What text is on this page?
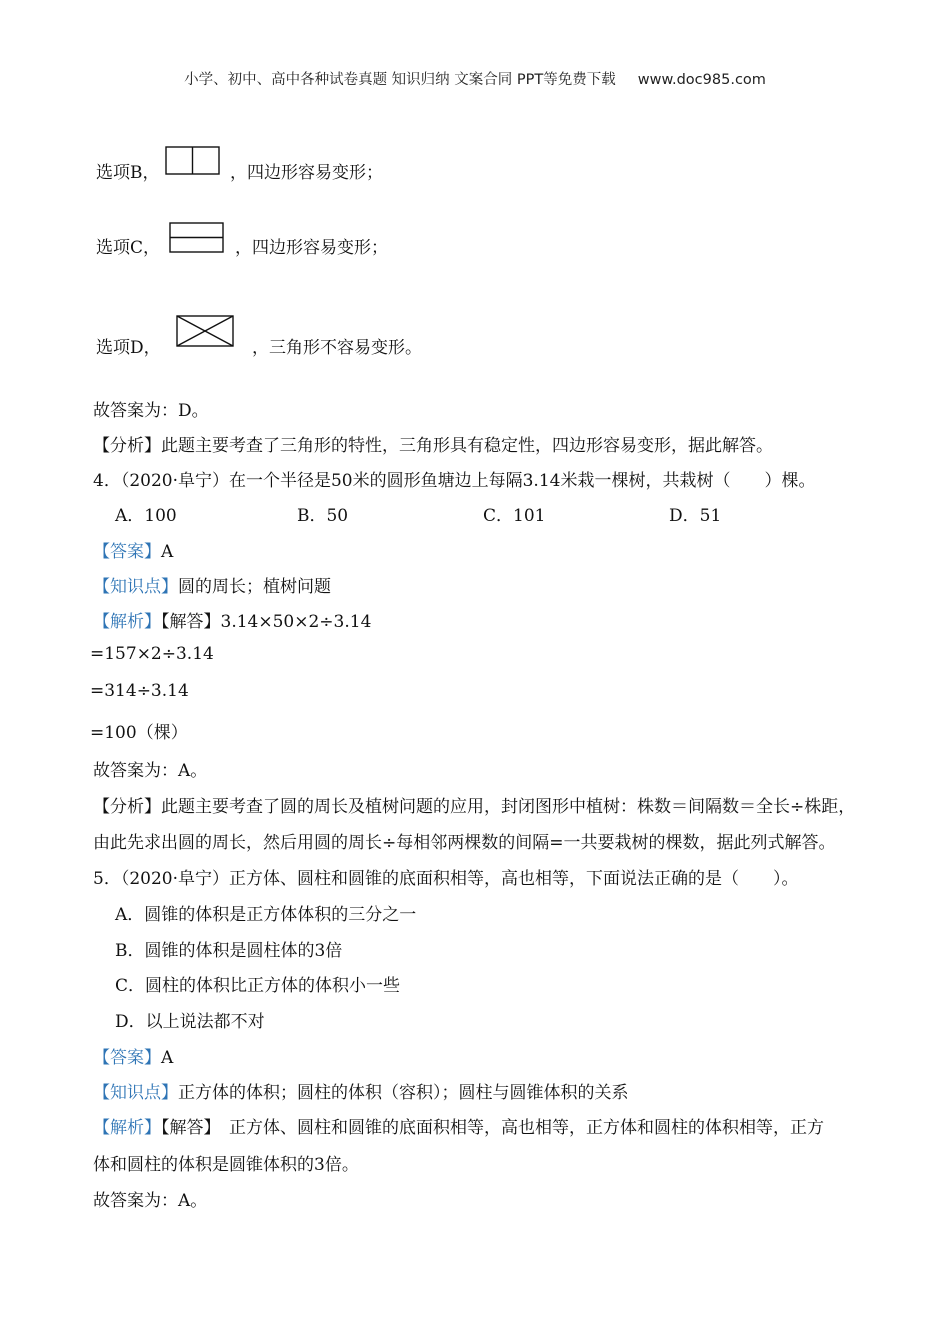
小学、初中、高中各种试卷真题 知识归纳 文案合同 PPT等免费下载 www.doc985.com
选项B，	，四边形容易变形；
选项C，	，四边形容易变形；
选项D，	，三角形不容易变形。
故答案为：D。
【分析】此题主要考查了三角形的特性，三角形具有稳定性，四边形容易变形，据此解答。
4．（2020·阜宁）在一个半径是50米的圆形鱼塘边上每隔3.14米栽一棵树，共栽树（　　）棵。
A．100	B．50	C．101	D．51
【答案】A
【知识点】圆的周长；植树问题
【解析】【解答】3.14×50×2÷3.14
=157×2÷3.14
=314÷3.14
=100（棵）
故答案为：A。
【分析】此题主要考查了圆的周长及植树问题的应用，封闭图形中植树：株数＝间隔数＝全长÷株距，
由此先求出圆的周长，然后用圆的周长÷每相邻两棵数的间隔=一共要栽树的棵数，据此列式解答。
5．（2020·阜宁）正方体、圆柱和圆锥的底面积相等，高也相等，下面说法正确的是（　　）。
A．圆锥的体积是正方体体积的三分之一
B．圆锥的体积是圆柱体的3倍
C．圆柱的体积比正方体的体积小一些
D．以上说法都不对
【答案】A
【知识点】正方体的体积；圆柱的体积（容积）；圆柱与圆锥体积的关系
【解析】【解答】　正方体、圆柱和圆锥的底面积相等，高也相等，正方体和圆柱的体积相等，正方
体和圆柱的体积是圆锥体积的3倍。
故答案为：A。
